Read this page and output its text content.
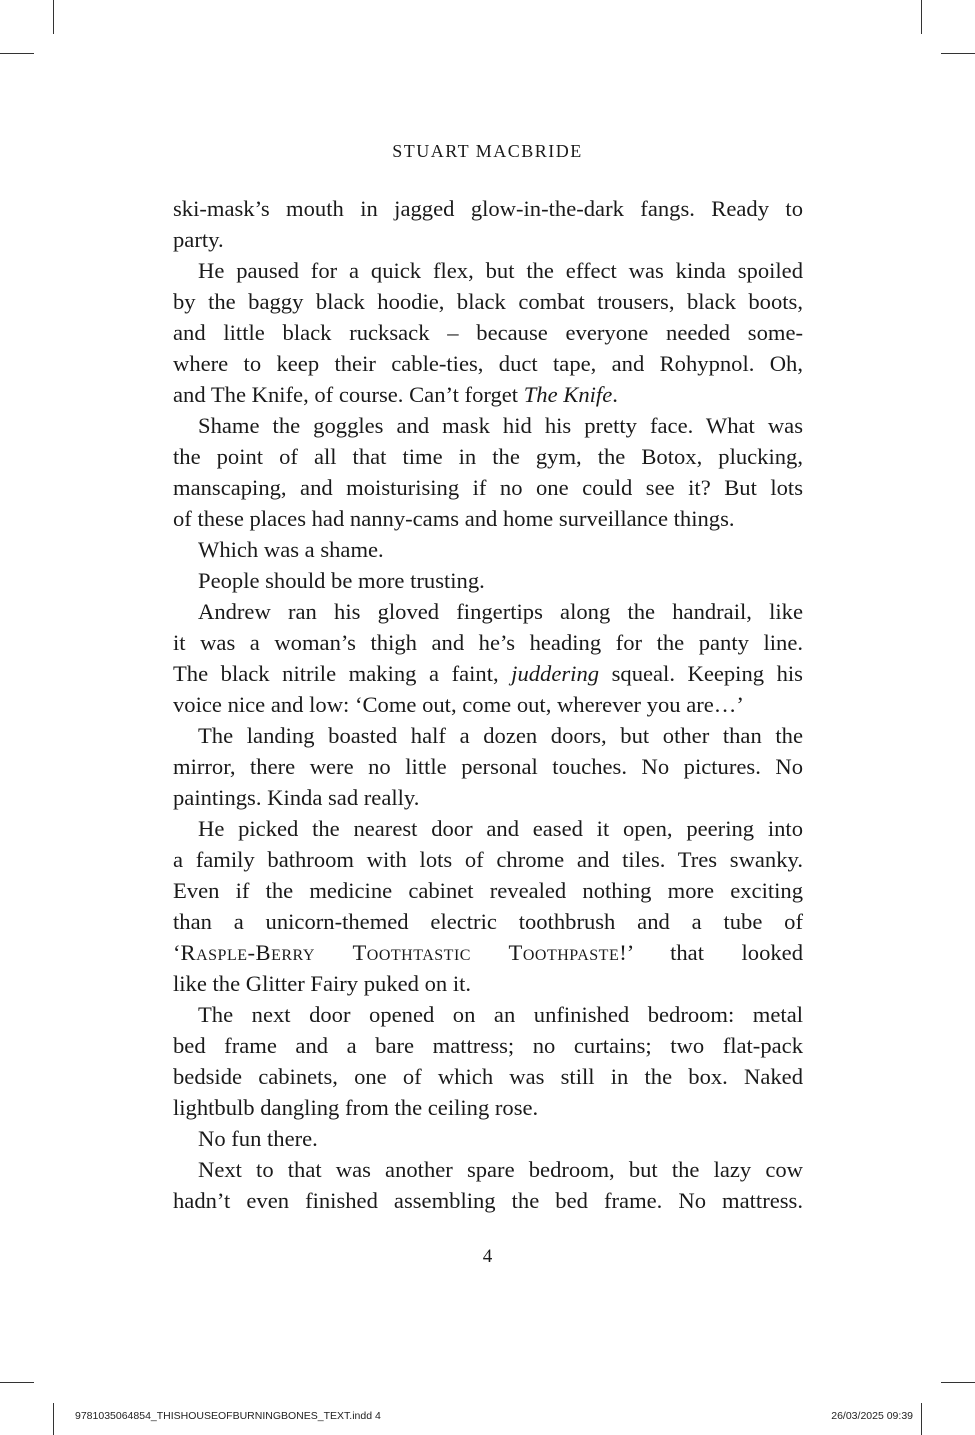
STUART MACBRIDE
ski-mask’s mouth in jagged glow-in-the-dark fangs. Ready to
party.
He paused for a quick flex, but the effect was kinda spoiled
by the baggy black hoodie, black combat trousers, black boots,
and little black rucksack – because everyone needed some-
where to keep their cable-ties, duct tape, and Rohypnol. Oh,
and The Knife, of course. Can’t forget The Knife.
Shame the goggles and mask hid his pretty face. What was
the point of all that time in the gym, the Botox, plucking,
manscaping, and moisturising if no one could see it? But lots
of these places had nanny-cams and home surveillance things.
Which was a shame.
People should be more trusting.
Andrew ran his gloved fingertips along the handrail, like
it was a woman’s thigh and he’s heading for the panty line.
The black nitrile making a faint, juddering squeal. Keeping his
voice nice and low: ‘Come out, come out, wherever you are…’
The landing boasted half a dozen doors, but other than the
mirror, there were no little personal touches. No pictures. No
paintings. Kinda sad really.
He picked the nearest door and eased it open, peering into
a family bathroom with lots of chrome and tiles. Tres swanky.
Even if the medicine cabinet revealed nothing more exciting
than a unicorn-themed electric toothbrush and a tube of
‘Rasple-Berry Toothtastic Toothpaste!’ that looked
like the Glitter Fairy puked on it.
The next door opened on an unfinished bedroom: metal
bed frame and a bare mattress; no curtains; two flat-pack
bedside cabinets, one of which was still in the box. Naked
lightbulb dangling from the ceiling rose.
No fun there.
Next to that was another spare bedroom, but the lazy cow
hadn’t even finished assembling the bed frame. No mattress.
4
9781035064854_THISHOUSEOFBURNINGBONES_TEXT.indd 4	26/03/2025 09:39
